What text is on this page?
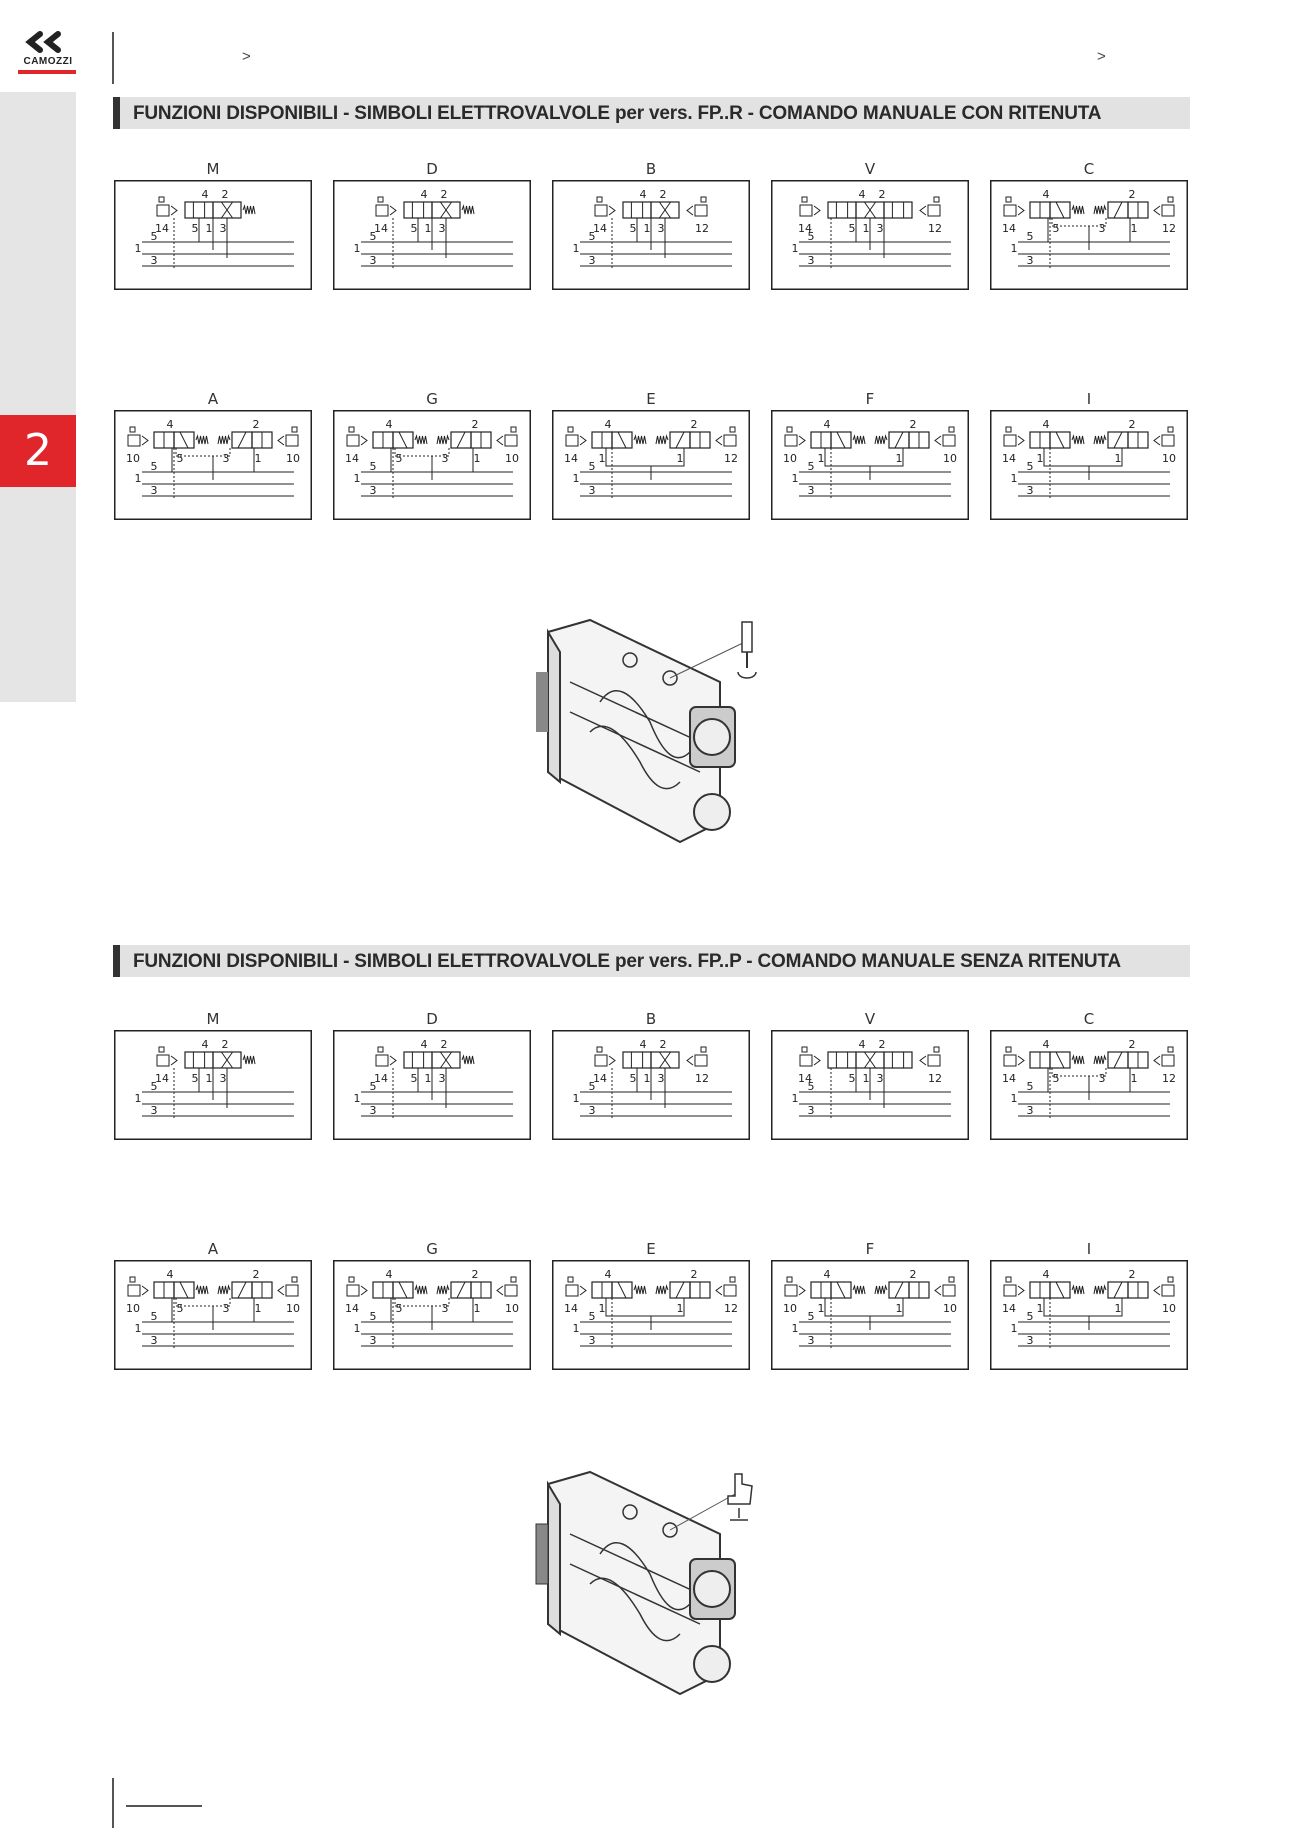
2
CAMOZZI	>	>
FUNZIONI DISPONIBILI - SIMBOLI ELETTROVALVOLE per vers. FP..R - COMANDO MANUALE CON RITENUTA
M
4 2
14 5 1 3
5
1
3
D
4 2
14 5 1 3
5
1
3
B
4 2
14	12
5 1 3
5
1
3
V
4 2
14	12
5 1 3
5
1
3
C
4	2
14	12
5	3 1
5
1
3
A
4	2
10	10
5	3 1
5
1
3
G
4	2
14	10
5	3 1
5
1
3
E
4	2
14	12
1	1
5
1
3
F
4	2
10	10
1	1
5
1
3
I
4	2
14	10
1	1
5
1
3
FUNZIONI DISPONIBILI - SIMBOLI ELETTROVALVOLE per vers. FP..P - COMANDO MANUALE SENZA RITENUTA
M
4 2
14 5 1 3
5
1
3
D
4 2
14 5 1 3
5
1
3
B
4 2
14	12
5 1 3
5
1
3
V
4 2
14	12
5 1 3
5
1
3
C
4	2
14	12
5	3 1
5
1
3
A
4	2
10	10
5	3 1
5
1
3
G
4	2
14	10
5	3 1
5
1
3
E
4	2
14	12
1	1
5
1
3
F
4	2
10	10
1	1
5
1
3
I
4	2
14	10
1	1
5
1
3
